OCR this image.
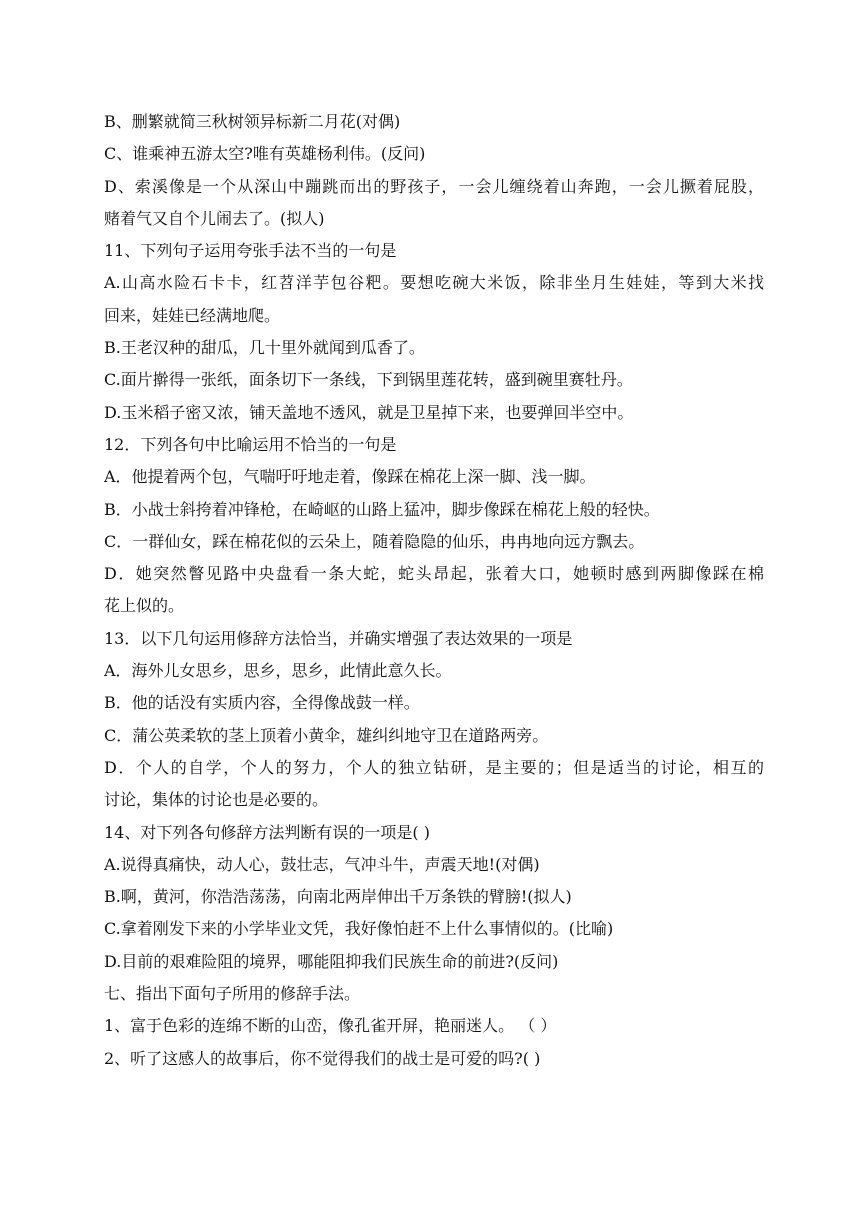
B、删繁就简三秋树领异标新二月花(对偶)
C、谁乘神五游太空?唯有英雄杨利伟。(反问)
D、索溪像是一个从深山中蹦跳而出的野孩子，一会儿缠绕着山奔跑，一会儿撅着屁股，
赌着气又自个儿闹去了。(拟人)
11、下列句子运用夸张手法不当的一句是
A.山高水险石卡卡，红苕洋芋包谷粑。要想吃碗大米饭，除非坐月生娃娃，等到大米找
回来，娃娃已经满地爬。
B.王老汉种的甜瓜，几十里外就闻到瓜香了。
C.面片擀得一张纸，面条切下一条线，下到锅里莲花转，盛到碗里赛牡丹。
D.玉米稻子密又浓，铺天盖地不透风，就是卫星掉下来，也要弹回半空中。
12．下列各句中比喻运用不恰当的一句是
A．他提着两个包，气喘吁吁地走着，像踩在棉花上深一脚、浅一脚。
B．小战士斜挎着冲锋枪，在崎岖的山路上猛冲，脚步像踩在棉花上般的轻快。
C．一群仙女，踩在棉花似的云朵上，随着隐隐的仙乐，冉冉地向远方飘去。
D．她突然瞥见路中央盘看一条大蛇，蛇头昂起，张着大口，她顿时感到两脚像踩在棉
花上似的。
13．以下几句运用修辞方法恰当，并确实增强了表达效果的一项是
A．海外儿女思乡，思乡，思乡，此情此意久长。
B．他的话没有实质内容，全得像战鼓一样。
C．蒲公英柔软的茎上顶着小黄伞，雄纠纠地守卫在道路两旁。
D．个人的自学，个人的努力，个人的独立钻研，是主要的；但是适当的讨论，相互的
讨论，集体的讨论也是必要的。
14、对下列各句修辞方法判断有误的一项是( )
A.说得真痛快，动人心，鼓壮志，气冲斗牛，声震天地!(对偶)
B.啊，黄河，你浩浩荡荡，向南北两岸伸出千万条铁的臂膀!(拟人)
C.拿着刚发下来的小学毕业文凭，我好像怕赶不上什么事情似的。(比喻)
D.目前的艰难险阻的境界，哪能阻抑我们民族生命的前进?(反问)
七、指出下面句子所用的修辞手法。
1、富于色彩的连绵不断的山峦，像孔雀开屏，艳丽迷人。 （ ）
2、听了这感人的故事后，你不觉得我们的战士是可爱的吗?( )
